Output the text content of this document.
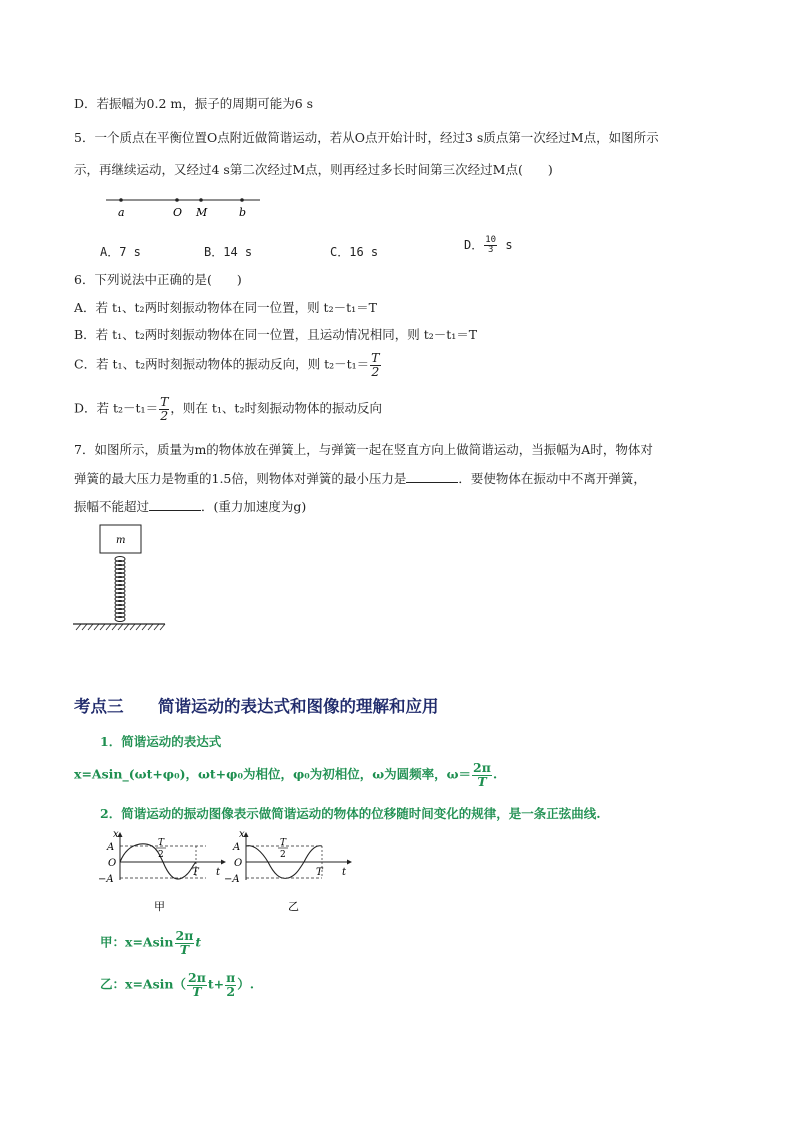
D．若振幅为0.2 m，振子的周期可能为6 s
5．一个质点在平衡位置O点附近做简谐运动，若从O点开始计时，经过3 s质点第一次经过M点，如图所示
示，再继续运动，又经过4 s第二次经过M点，则再经过多长时间第三次经过M点(　　)
a	O M	b
A．7 s	B．14 s	C．16 s	D． $\frac{10}{3}$ s
6．下列说法中正确的是(　　)
A．若 t₁、t₂两时刻振动物体在同一位置，则 t₂－t₁＝T
B．若 t₁、t₂两时刻振动物体在同一位置，且运动情况相同，则 t₂－t₁＝T
C．若 t₁、t₂两时刻振动物体的振动反向，则 $t_2-t_1= \frac{T}{2}$
D．若 $t_2-t_1= \frac{T}{2}$ ，则在 t₁、t₂时刻振动物体的振动反向
7．如图所示，质量为m的物体放在弹簧上，与弹簧一起在竖直方向上做简谐运动，当振幅为A时，物体对
弹簧的最大压力是物重的1.5倍，则物体对弹簧的最小压力是	．要使物体在振动中不离开弹簧，
振幅不能超过	．(重力加速度为g)
m
考点三 简谐运动的表达式和图像的理解和应用
1．简谐运动的表达式
x=Asin_(ωt+φ₀)，ωt+φ₀为相位，φ₀为初相位，ω为圆频率，$\omega= \frac{2\pi}{T}$ .
2．简谐运动的振动图像表示做简谐运动的物体的位移随时间变化的规律，是一条正弦曲线.
x
A
O
−A
T
2
T t
甲
x
A
O
−A
T
2
T t
乙
甲：$x=Asin \frac{2\pi}{T}$ t
乙：$x=Asin( \frac{2\pi}{T} t+ \frac{\pi}{2}$ ）.
